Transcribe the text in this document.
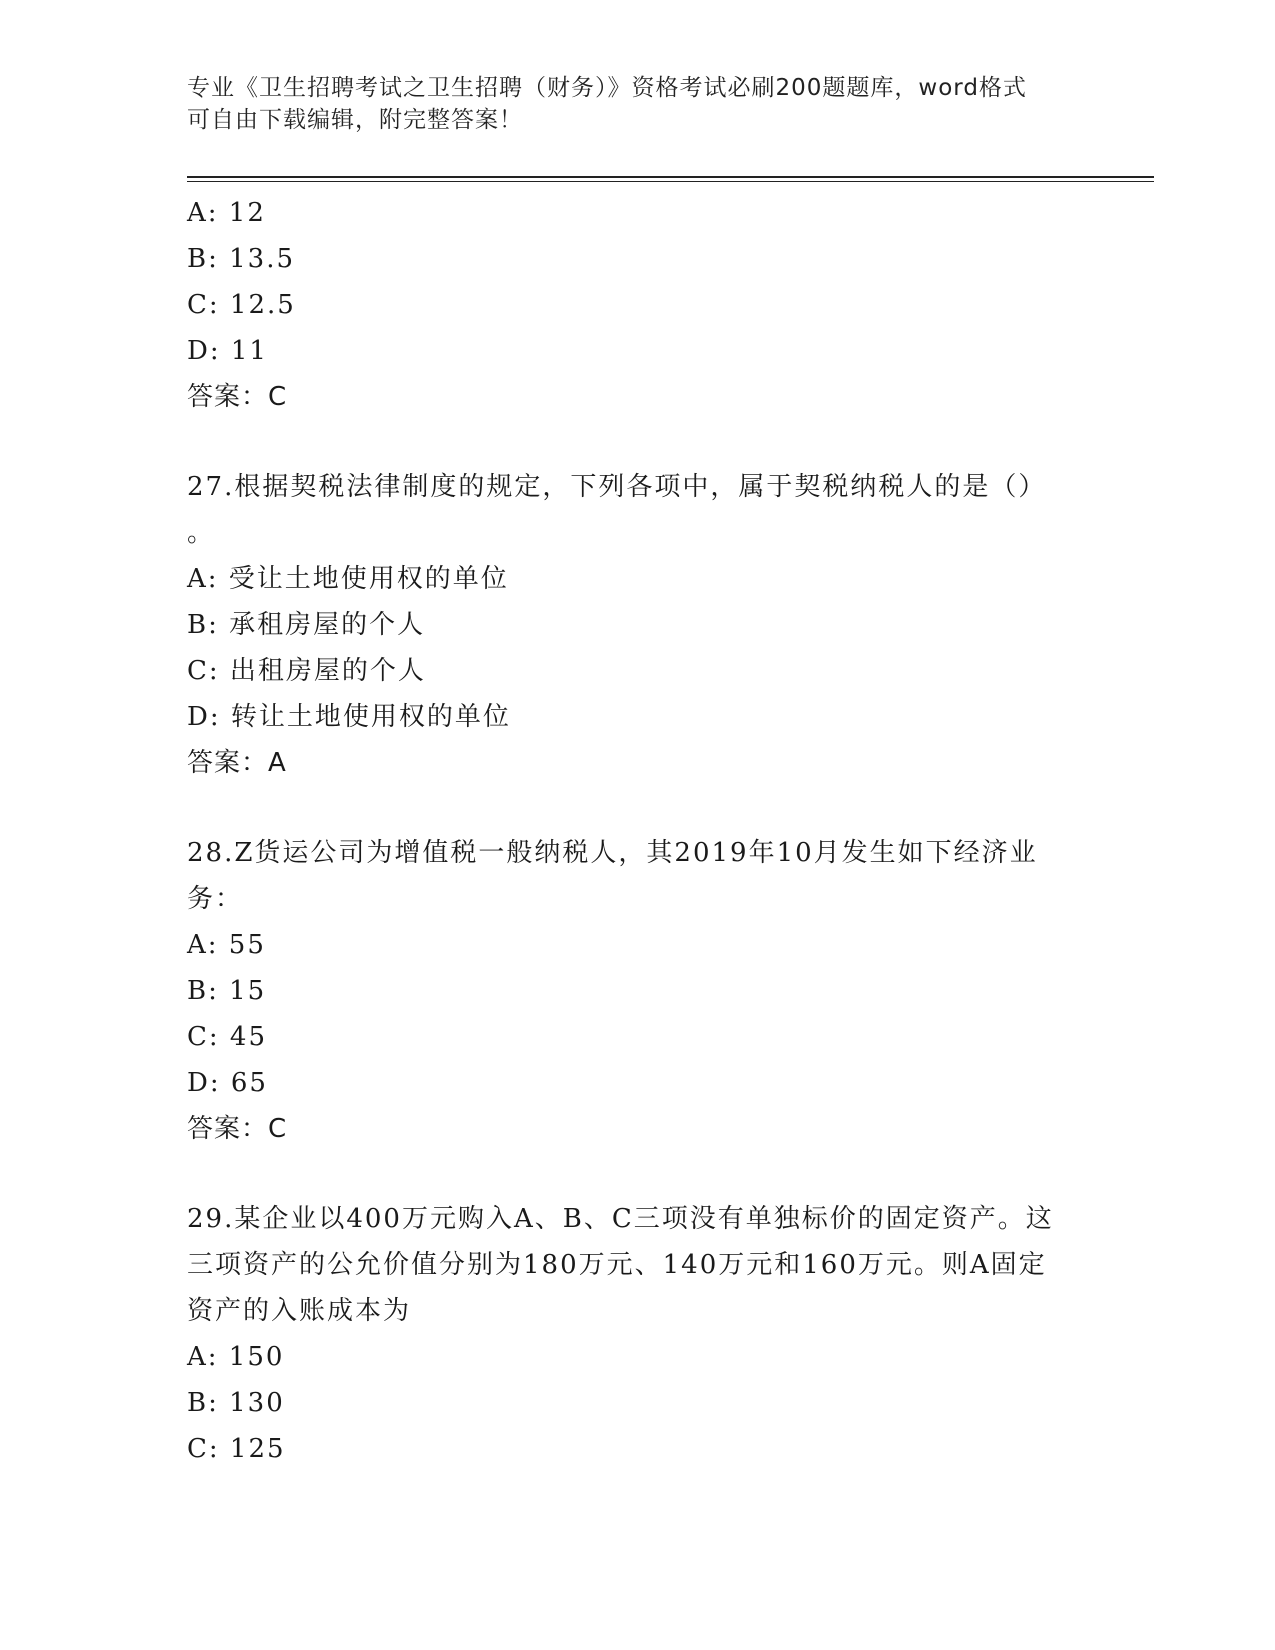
专业《卫生招聘考试之卫生招聘（财务）》资格考试必刷200题题库，word格式
可自由下载编辑，附完整答案！
A: 12
B: 13.5
C: 12.5
D: 11
答案：C
27.根据契税法律制度的规定，下列各项中，属于契税纳税人的是（）
。
A: 受让土地使用权的单位
B: 承租房屋的个人
C: 出租房屋的个人
D: 转让土地使用权的单位
答案：A
28.Z货运公司为增值税一般纳税人，其2019年10月发生如下经济业
务：
A: 55
B: 15
C: 45
D: 65
答案：C
29.某企业以400万元购入A、B、C三项没有单独标价的固定资产。这
三项资产的公允价值分别为180万元、140万元和160万元。则A固定
资产的入账成本为
A: 150
B: 130
C: 125
